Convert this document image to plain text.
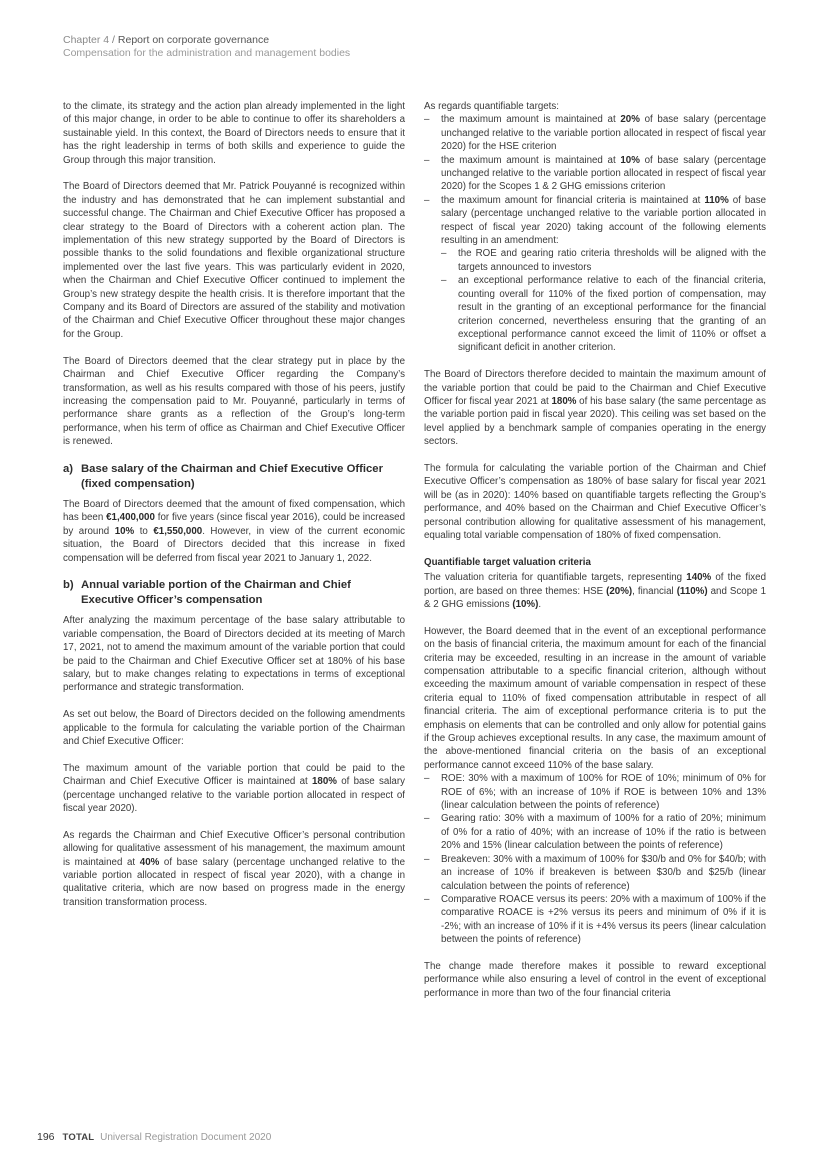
Chapter 4 / Report on corporate governance
Compensation for the administration and management bodies

to the climate, its strategy and the action plan already implemented in the light of this major change, in order to be able to continue to offer its shareholders a sustainable yield. In this context, the Board of Directors needs to ensure that it has the right leadership in terms of both skills and experience to guide the Group through this major transition.

The Board of Directors deemed that Mr. Patrick Pouyanné is recognized within the industry and has demonstrated that he can implement substantial and successful change. The Chairman and Chief Executive Officer has proposed a clear strategy to the Board of Directors with a coherent action plan. The implementation of this new strategy supported by the Board of Directors is possible thanks to the solid foundations and flexible organizational structure implemented over the last five years. This was particularly evident in 2020, when the Chairman and Chief Executive Officer continued to implement the Group’s new strategy despite the health crisis. It is therefore important that the Company and its Board of Directors are assured of the stability and motivation of the Chairman and Chief Executive Officer throughout these major changes for the Group.

The Board of Directors deemed that the clear strategy put in place by the Chairman and Chief Executive Officer regarding the Company’s transformation, as well as his results compared with those of his peers, justify increasing the compensation paid to Mr. Pouyanné, particularly in terms of performance share grants as a reflection of the Group’s long-term performance, when his term of office as Chairman and Chief Executive Officer is renewed.

a) Base salary of the Chairman and Chief Executive Officer (fixed compensation)

The Board of Directors deemed that the amount of fixed compensation, which has been €1,400,000 for five years (since fiscal year 2016), could be increased by around 10% to €1,550,000. However, in view of the current economic situation, the Board of Directors decided that this increase in fixed compensation will be deferred from fiscal year 2021 to January 1, 2022.

b) Annual variable portion of the Chairman and Chief Executive Officer’s compensation

After analyzing the maximum percentage of the base salary attributable to variable compensation, the Board of Directors decided at its meeting of March 17, 2021, not to amend the maximum amount of the variable portion that could be paid to the Chairman and Chief Executive Officer set at 180% of his base salary, but to make changes relating to expectations in terms of exceptional performance and strategic transformation.

As set out below, the Board of Directors decided on the following amendments applicable to the formula for calculating the variable portion of the Chairman and Chief Executive Officer:

The maximum amount of the variable portion that could be paid to the Chairman and Chief Executive Officer is maintained at 180% of base salary (percentage unchanged relative to the variable portion allocated in respect of fiscal year 2020).

As regards the Chairman and Chief Executive Officer’s personal contribution allowing for qualitative assessment of his management, the maximum amount is maintained at 40% of base salary (percentage unchanged relative to the variable portion allocated in respect of fiscal year 2020), with a change in qualitative criteria, which are now based on progress made in the energy transition transformation process.

As regards quantifiable targets:

– the maximum amount is maintained at 20% of base salary (percentage unchanged relative to the variable portion allocated in respect of fiscal year 2020) for the HSE criterion
– the maximum amount is maintained at 10% of base salary (percentage unchanged relative to the variable portion allocated in respect of fiscal year 2020) for the Scopes 1 & 2 GHG emissions criterion
– the maximum amount for financial criteria is maintained at 110% of base salary (percentage unchanged relative to the variable portion allocated in respect of fiscal year 2020) taking account of the following elements resulting in an amendment:
– the ROE and gearing ratio criteria thresholds will be aligned with the targets announced to investors
– an exceptional performance relative to each of the financial criteria, counting overall for 110% of the fixed portion of compensation, may result in the granting of an exceptional performance for the financial criterion concerned, nevertheless ensuring that the granting of an exceptional performance cannot exceed the limit of 110% or offset a significant deficit in another criterion.

The Board of Directors therefore decided to maintain the maximum amount of the variable portion that could be paid to the Chairman and Chief Executive Officer for fiscal year 2021 at 180% of his base salary (the same percentage as the variable portion paid in fiscal year 2020). This ceiling was set based on the level applied by a benchmark sample of companies operating in the energy sectors.

The formula for calculating the variable portion of the Chairman and Chief Executive Officer’s compensation as 180% of base salary for fiscal year 2021 will be (as in 2020): 140% based on quantifiable targets reflecting the Group’s performance, and 40% based on the Chairman and Chief Executive Officer’s personal contribution allowing for qualitative assessment of his management, equaling total variable compensation of 180% of fixed compensation.

Quantifiable target valuation criteria

The valuation criteria for quantifiable targets, representing 140% of the fixed portion, are based on three themes: HSE (20%), financial (110%) and Scope 1 & 2 GHG emissions (10%).

However, the Board deemed that in the event of an exceptional performance on the basis of financial criteria, the maximum amount for each of the financial criteria may be exceeded, resulting in an increase in the amount of variable compensation attributable to a specific financial criterion, although without exceeding the maximum amount of variable compensation in respect of these criteria equal to 110% of fixed compensation attributable in respect of all financial criteria. The aim of exceptional performance criteria is to put the emphasis on elements that can be controlled and only allow for potential gains if the Group achieves exceptional results. In any case, the maximum amount of the above-mentioned financial criteria on the basis of an exceptional performance cannot exceed 110% of the base salary.

– ROE: 30% with a maximum of 100% for ROE of 10%; minimum of 0% for ROE of 6%; with an increase of 10% if ROE is between 10% and 13% (linear calculation between the points of reference)
– Gearing ratio: 30% with a maximum of 100% for a ratio of 20%; minimum of 0% for a ratio of 40%; with an increase of 10% if the ratio is between 20% and 15% (linear calculation between the points of reference)
– Breakeven: 30% with a maximum of 100% for $30/b and 0% for $40/b; with an increase of 10% if breakeven is between $30/b and $25/b (linear calculation between the points of reference)
– Comparative ROACE versus its peers: 20% with a maximum of 100% if the comparative ROACE is +2% versus its peers and minimum of 0% if it is -2%; with an increase of 10% if it is +4% versus its peers (linear calculation between the points of reference)

The change made therefore makes it possible to reward exceptional performance while also ensuring a level of control in the event of exceptional performance in more than two of the four financial criteria

196 TOTAL Universal Registration Document 2020
